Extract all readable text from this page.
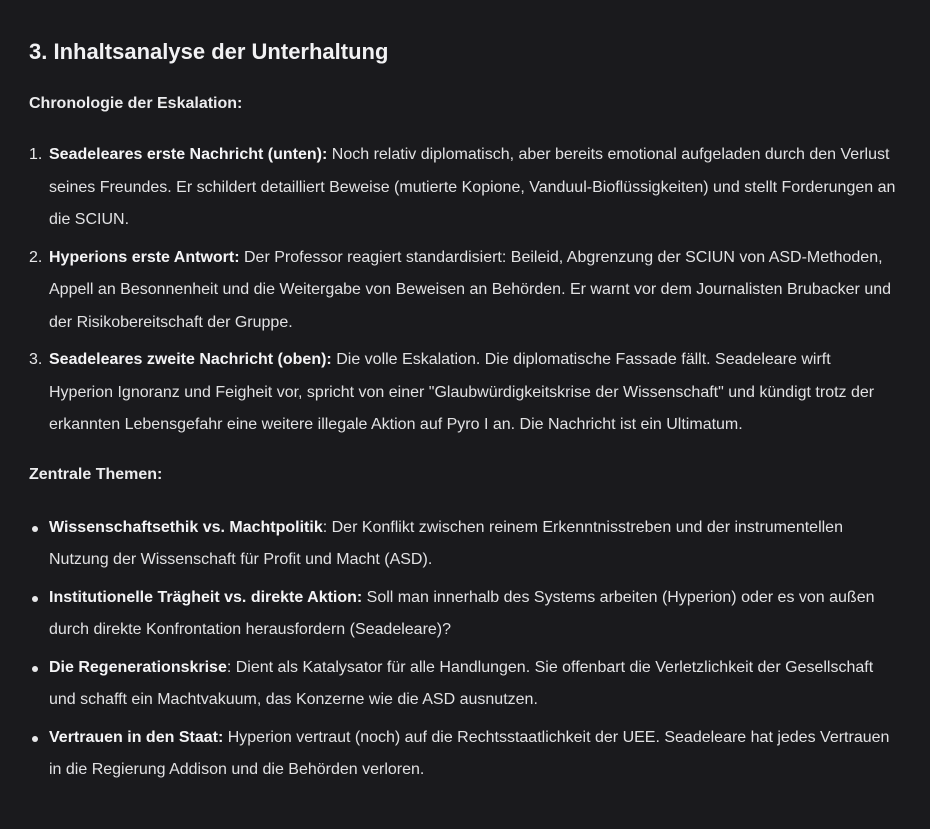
3. Inhaltsanalyse der Unterhaltung
Chronologie der Eskalation:
1. Seadeleares erste Nachricht (unten): Noch relativ diplomatisch, aber bereits emotional aufgeladen durch den Verlust seines Freundes. Er schildert detailliert Beweise (mutierte Kopione, Vanduul-Bioflüssigkeiten) und stellt Forderungen an die SCIUN.
2. Hyperions erste Antwort: Der Professor reagiert standardisiert: Beileid, Abgrenzung der SCIUN von ASD-Methoden, Appell an Besonnenheit und die Weitergabe von Beweisen an Behörden. Er warnt vor dem Journalisten Brubacker und der Risikobereitschaft der Gruppe.
3. Seadeleares zweite Nachricht (oben): Die volle Eskalation. Die diplomatische Fassade fällt. Seadeleare wirft Hyperion Ignoranz und Feigheit vor, spricht von einer "Glaubwürdigkeitskrise der Wissenschaft" und kündigt trotz der erkannten Lebensgefahr eine weitere illegale Aktion auf Pyro I an. Die Nachricht ist ein Ultimatum.
Zentrale Themen:
Wissenschaftsethik vs. Machtpolitik: Der Konflikt zwischen reinem Erkenntnisstreben und der instrumentellen Nutzung der Wissenschaft für Profit und Macht (ASD).
Institutionelle Trägheit vs. direkte Aktion: Soll man innerhalb des Systems arbeiten (Hyperion) oder es von außen durch direkte Konfrontation herausfordern (Seadeleare)?
Die Regenerationskrise: Dient als Katalysator für alle Handlungen. Sie offenbart die Verletzlichkeit der Gesellschaft und schafft ein Machtvakuum, das Konzerne wie die ASD ausnutzen.
Vertrauen in den Staat: Hyperion vertraut (noch) auf die Rechtsstaatlichkeit der UEE. Seadeleare hat jedes Vertrauen in die Regierung Addison und die Behörden verloren.
